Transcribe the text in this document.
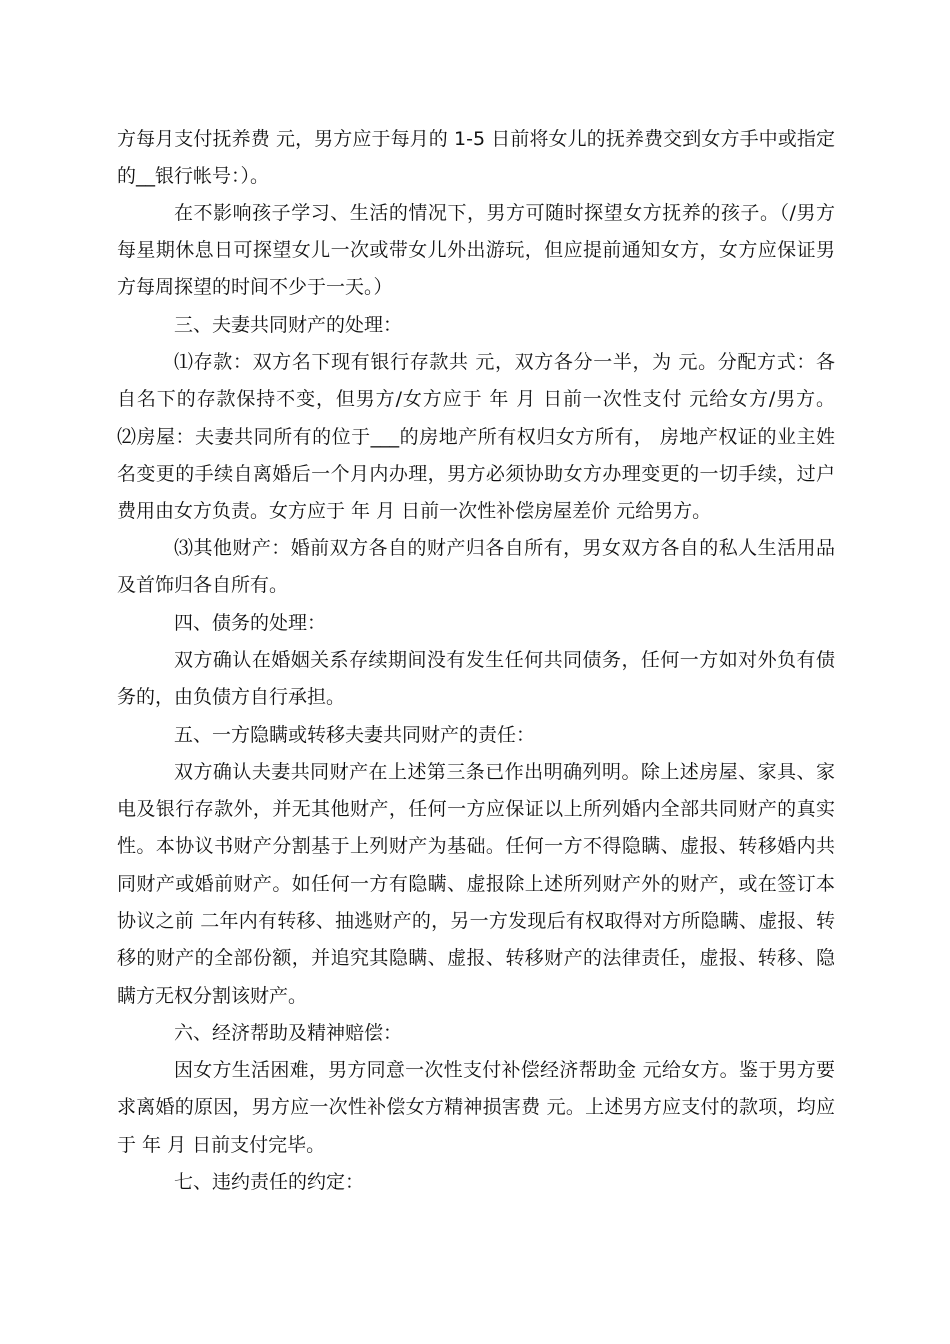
方每月支付抚养费 元，男方应于每月的 1-5 日前将女儿的抚养费交到女方手中或指定
的__银行帐号：）。
在不影响孩子学习、生活的情况下，男方可随时探望女方抚养的孩子。（/男方
每星期休息日可探望女儿一次或带女儿外出游玩，但应提前通知女方，女方应保证男
方每周探望的时间不少于一天。）
三、夫妻共同财产的处理：
⑴存款：双方名下现有银行存款共 元，双方各分一半，为 元。分配方式：各
自名下的存款保持不变，但男方/女方应于 年 月 日前一次性支付 元给女方/男方。
⑵房屋：夫妻共同所有的位于___的房地产所有权归女方所有， 房地产权证的业主姓
名变更的手续自离婚后一个月内办理，男方必须协助女方办理变更的一切手续，过户
费用由女方负责。女方应于 年 月 日前一次性补偿房屋差价 元给男方。
⑶其他财产：婚前双方各自的财产归各自所有，男女双方各自的私人生活用品
及首饰归各自所有。
四、债务的处理：
双方确认在婚姻关系存续期间没有发生任何共同债务，任何一方如对外负有债
务的，由负债方自行承担。
五、一方隐瞒或转移夫妻共同财产的责任：
双方确认夫妻共同财产在上述第三条已作出明确列明。除上述房屋、家具、家
电及银行存款外，并无其他财产，任何一方应保证以上所列婚内全部共同财产的真实
性。本协议书财产分割基于上列财产为基础。任何一方不得隐瞒、虚报、转移婚内共
同财产或婚前财产。如任何一方有隐瞒、虚报除上述所列财产外的财产，或在签订本
协议之前 二年内有转移、抽逃财产的，另一方发现后有权取得对方所隐瞒、虚报、转
移的财产的全部份额，并追究其隐瞒、虚报、转移财产的法律责任，虚报、转移、隐
瞒方无权分割该财产。
六、经济帮助及精神赔偿：
因女方生活困难，男方同意一次性支付补偿经济帮助金 元给女方。鉴于男方要
求离婚的原因，男方应一次性补偿女方精神损害费 元。上述男方应支付的款项，均应
于 年 月 日前支付完毕。
七、违约责任的约定：
